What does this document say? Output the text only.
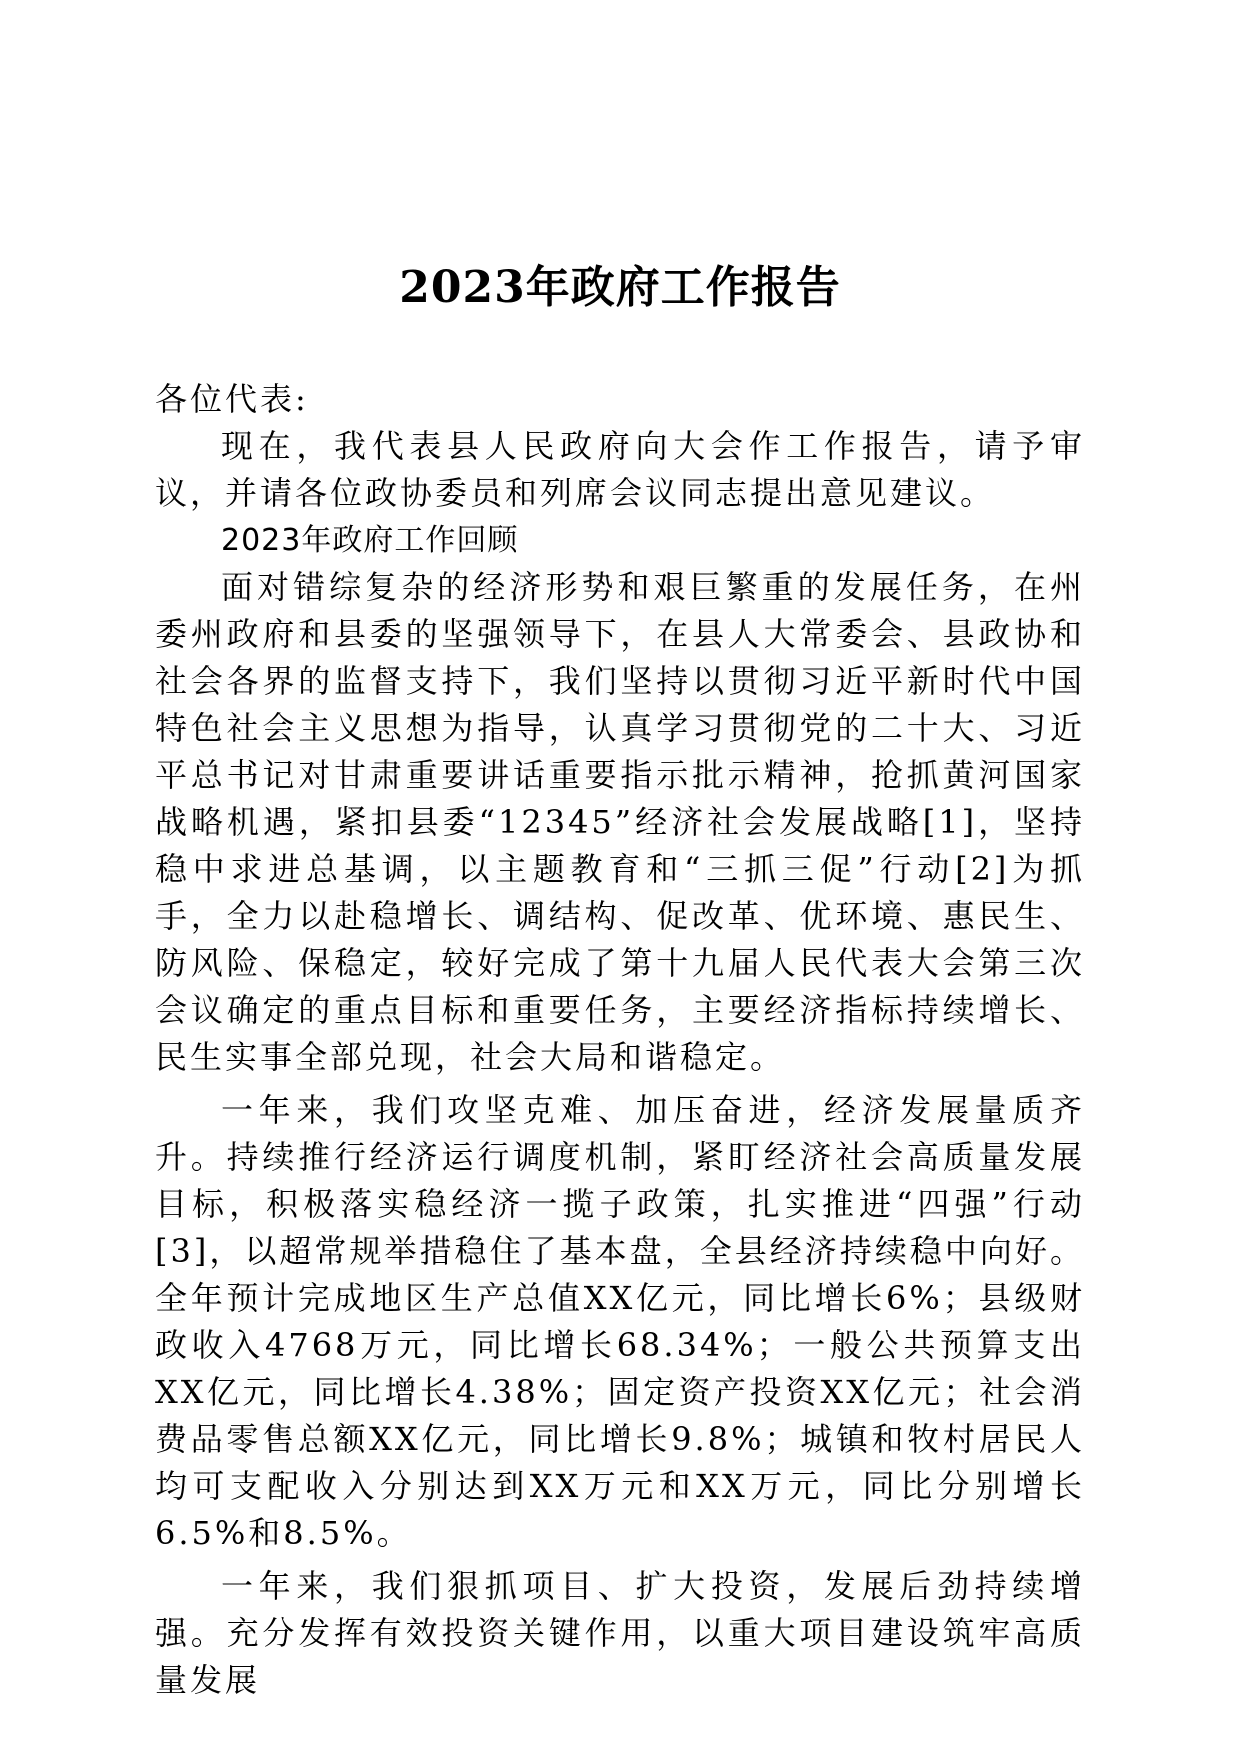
2023年政府工作报告

各位代表:

现在，我代表县人民政府向大会作工作报告，请予审议，并请各位政协委员和列席会议同志提出意见建议。

2023年政府工作回顾

面对错综复杂的经济形势和艰巨繁重的发展任务，在州委州政府和县委的坚强领导下，在县人大常委会、县政协和社会各界的监督支持下，我们坚持以贯彻习近平新时代中国特色社会主义思想为指导，认真学习贯彻党的二十大、习近平总书记对甘肃重要讲话重要指示批示精神，抢抓黄河国家战略机遇，紧扣县委“12345”经济社会发展战略[1]，坚持稳中求进总基调，以主题教育和“三抓三促”行动[2]为抓手，全力以赴稳增长、调结构、促改革、优环境、惠民生、防风险、保稳定，较好完成了第十九届人民代表大会第三次会议确定的重点目标和重要任务，主要经济指标持续增长、民生实事全部兑现，社会大局和谐稳定。

一年来，我们攻坚克难、加压奋进，经济发展量质齐升。持续推行经济运行调度机制，紧盯经济社会高质量发展目标，积极落实稳经济一揽子政策，扎实推进“四强”行动[3]，以超常规举措稳住了基本盘，全县经济持续稳中向好。全年预计完成地区生产总值XX亿元，同比增长6%；县级财政收入4768万元，同比增长68.34%；一般公共预算支出XX亿元，同比增长4.38%；固定资产投资XX亿元；社会消费品零售总额XX亿元，同比增长9.8%；城镇和牧村居民人均可支配收入分别达到XX万元和XX万元，同比分别增长6.5%和8.5%。

一年来，我们狠抓项目、扩大投资，发展后劲持续增强。充分发挥有效投资关键作用，以重大项目建设筑牢高质量发展
